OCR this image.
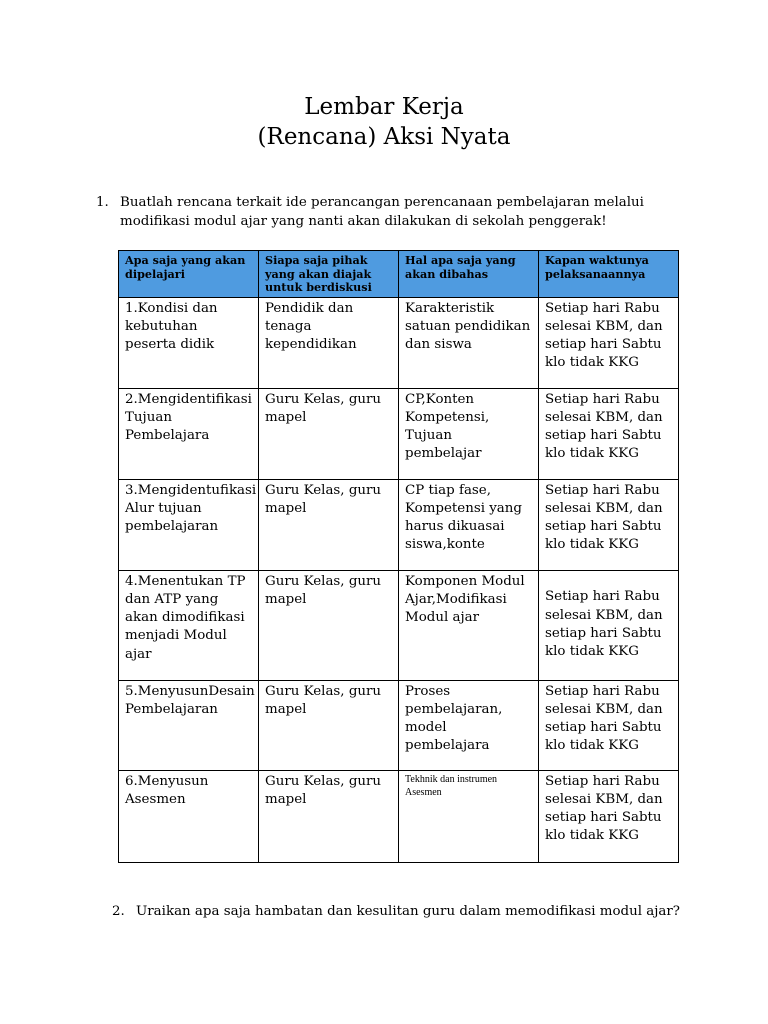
Lembar Kerja
(Rencana) Aksi Nyata
1. Buatlah rencana terkait ide perancangan perencanaan pembelajaran melalui modifikasi modul ajar yang nanti akan dilakukan di sekolah penggerak!
Apa saja yang akan dipelajari	Siapa saja pihak yang akan diajak untuk berdiskusi	Hal apa saja yang akan dibahas	Kapan waktunya pelaksanaannya
1.Kondisi dan kebutuhan peserta didik	Pendidik dan tenaga kependidikan	Karakteristik satuan pendidikan dan siswa	Setiap hari Rabu selesai KBM, dan setiap hari Sabtu klo tidak KKG
2.Mengidentifikasi Tujuan Pembelajara	Guru Kelas, guru mapel	CP,Konten Kompetensi, Tujuan pembelajar	Setiap hari Rabu selesai KBM, dan setiap hari Sabtu klo tidak KKG
3.Mengidentufikasi Alur tujuan pembelajaran	Guru Kelas, guru mapel	CP tiap fase, Kompetensi yang harus dikuasai siswa,konte	Setiap hari Rabu selesai KBM, dan setiap hari Sabtu klo tidak KKG
4.Menentukan TP dan ATP yang akan dimodifikasi menjadi Modul ajar	Guru Kelas, guru mapel	Komponen Modul Ajar,Modifikasi Modul ajar	Setiap hari Rabu selesai KBM, dan setiap hari Sabtu klo tidak KKG
5.MenyusunDesain Pembelajaran	Guru Kelas, guru mapel	Proses pembelajaran, model pembelajara	Setiap hari Rabu selesai KBM, dan setiap hari Sabtu klo tidak KKG
6.Menyusun Asesmen	Guru Kelas, guru mapel	Tekhnik dan instrumen Asesmen	Setiap hari Rabu selesai KBM, dan setiap hari Sabtu klo tidak KKG
2. Uraikan apa saja hambatan dan kesulitan guru dalam memodifikasi modul ajar?
